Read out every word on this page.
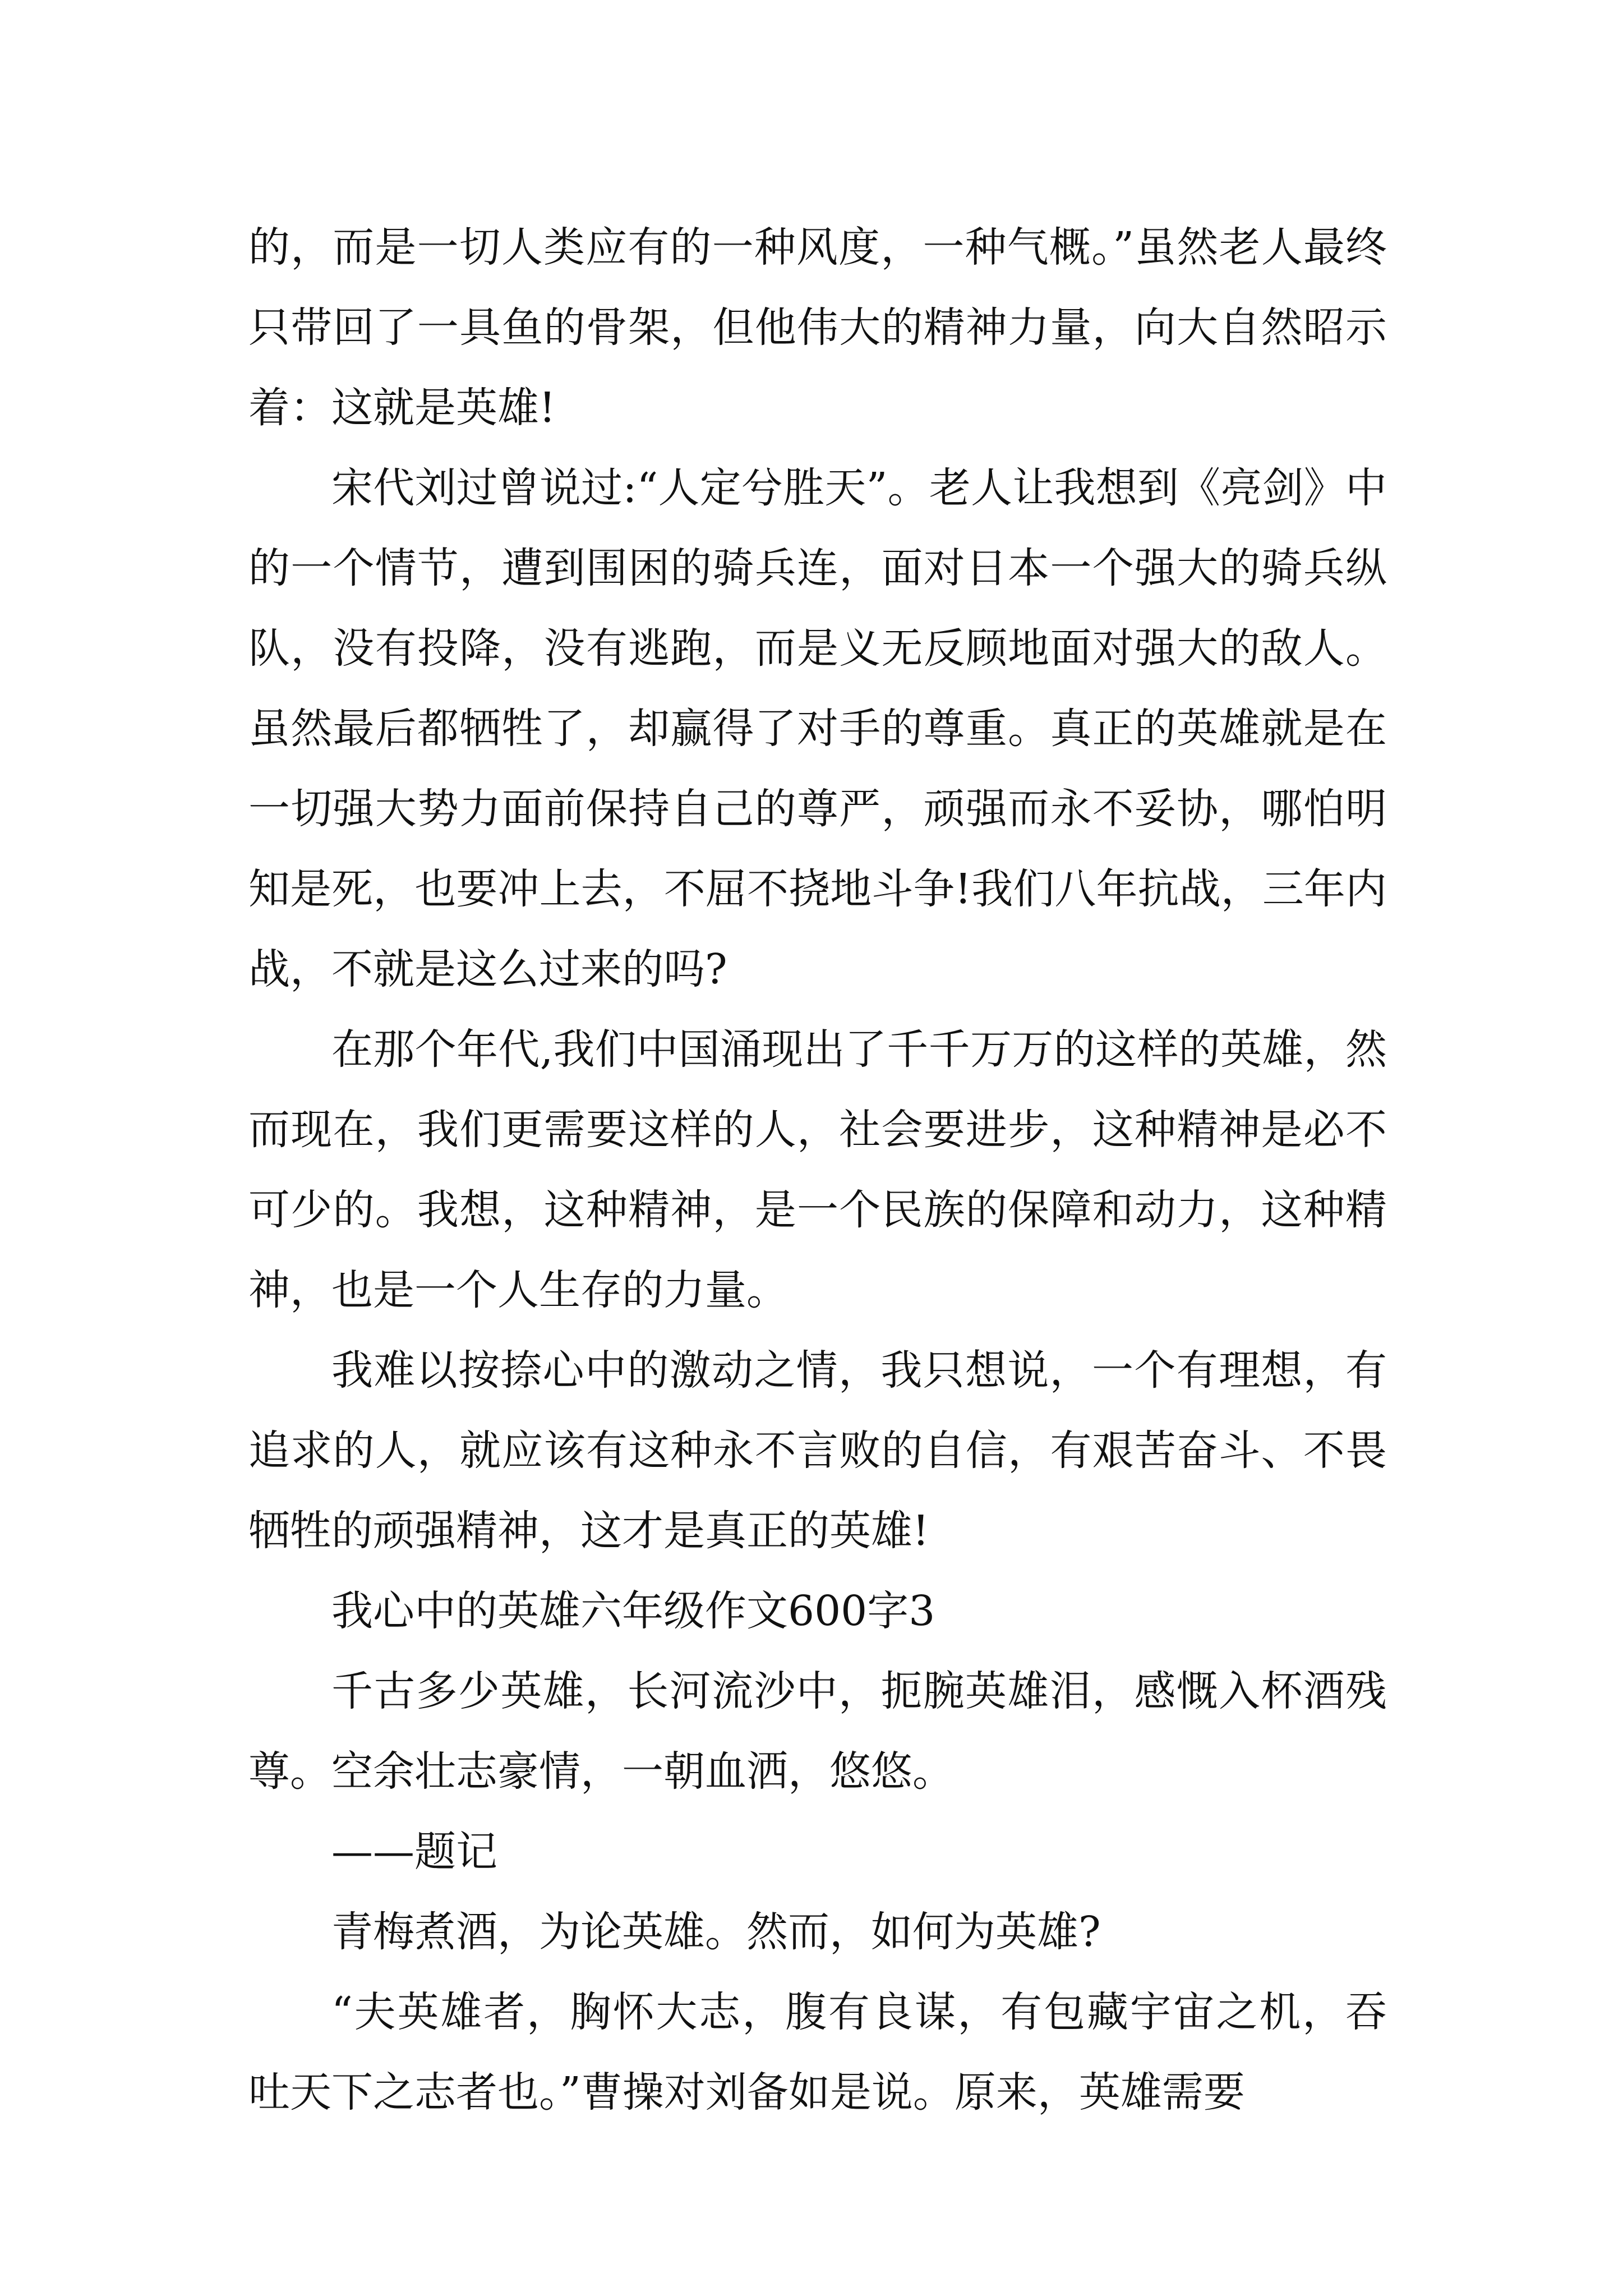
的，而是一切人类应有的一种风度，一种气概。”虽然老人最终只带回了一具鱼的骨架，但他伟大的精神力量，向大自然昭示着：这就是英雄!

宋代刘过曾说过:“人定兮胜天”。老人让我想到《亮剑》中的一个情节，遭到围困的骑兵连，面对日本一个强大的骑兵纵队，没有投降，没有逃跑，而是义无反顾地面对强大的敌人。虽然最后都牺牲了，却赢得了对手的尊重。真正的英雄就是在一切强大势力面前保持自己的尊严，顽强而永不妥协，哪怕明知是死，也要冲上去，不屈不挠地斗争!我们八年抗战，三年内战，不就是这么过来的吗?

在那个年代,我们中国涌现出了千千万万的这样的英雄，然而现在，我们更需要这样的人，社会要进步，这种精神是必不可少的。我想，这种精神，是一个民族的保障和动力，这种精神，也是一个人生存的力量。

我难以按捺心中的激动之情，我只想说，一个有理想，有追求的人，就应该有这种永不言败的自信，有艰苦奋斗、不畏牺牲的顽强精神，这才是真正的英雄!

我心中的英雄六年级作文600字3

千古多少英雄，长河流沙中，扼腕英雄泪，感慨入杯酒残尊。空余壮志豪情，一朝血洒，悠悠。

——题记

青梅煮酒，为论英雄。然而，如何为英雄?

“夫英雄者，胸怀大志，腹有良谋，有包藏宇宙之机，吞吐天下之志者也。”曹操对刘备如是说。原来，英雄需要
